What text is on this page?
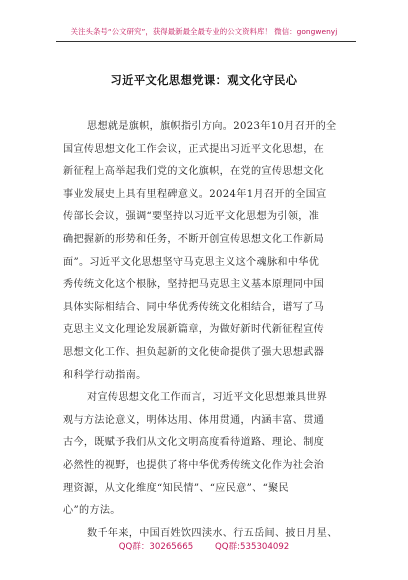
关注头条号“公文研究”，获得最新最全最专业的公文资料库！ 微信：gongwenyj
习近平文化思想党课：观文化守民心
思想就是旗帜，旗帜指引方向。2023年10月召开的全
国宣传思想文化工作会议，正式提出习近平文化思想，在
新征程上高举起我们党的文化旗帜，在党的宣传思想文化
事业发展史上具有里程碑意义。2024年1月召开的全国宣
传部长会议，强调“要坚持以习近平文化思想为引领，准
确把握新的形势和任务，不断开创宣传思想文化工作新局
面”。习近平文化思想坚守马克思主义这个魂脉和中华优
秀传统文化这个根脉，坚持把马克思主义基本原理同中国
具体实际相结合、同中华优秀传统文化相结合，谱写了马
克思主义文化理论发展新篇章，为做好新时代新征程宣传
思想文化工作、担负起新的文化使命提供了强大思想武器
和科学行动指南。
对宣传思想文化工作而言，习近平文化思想兼具世界
观与方法论意义，明体达用、体用贯通，内涵丰富、贯通
古今，既赋予我们从文化文明高度看待道路、理论、制度
必然性的视野，也提供了将中华优秀传统文化作为社会治
理资源，从文化维度“知民情”、“应民意”、“聚民
心”的方法。
数千年来，中国百姓饮四渎水、行五岳间、披日月星、
QQ群：30265665        QQ群:535304092
